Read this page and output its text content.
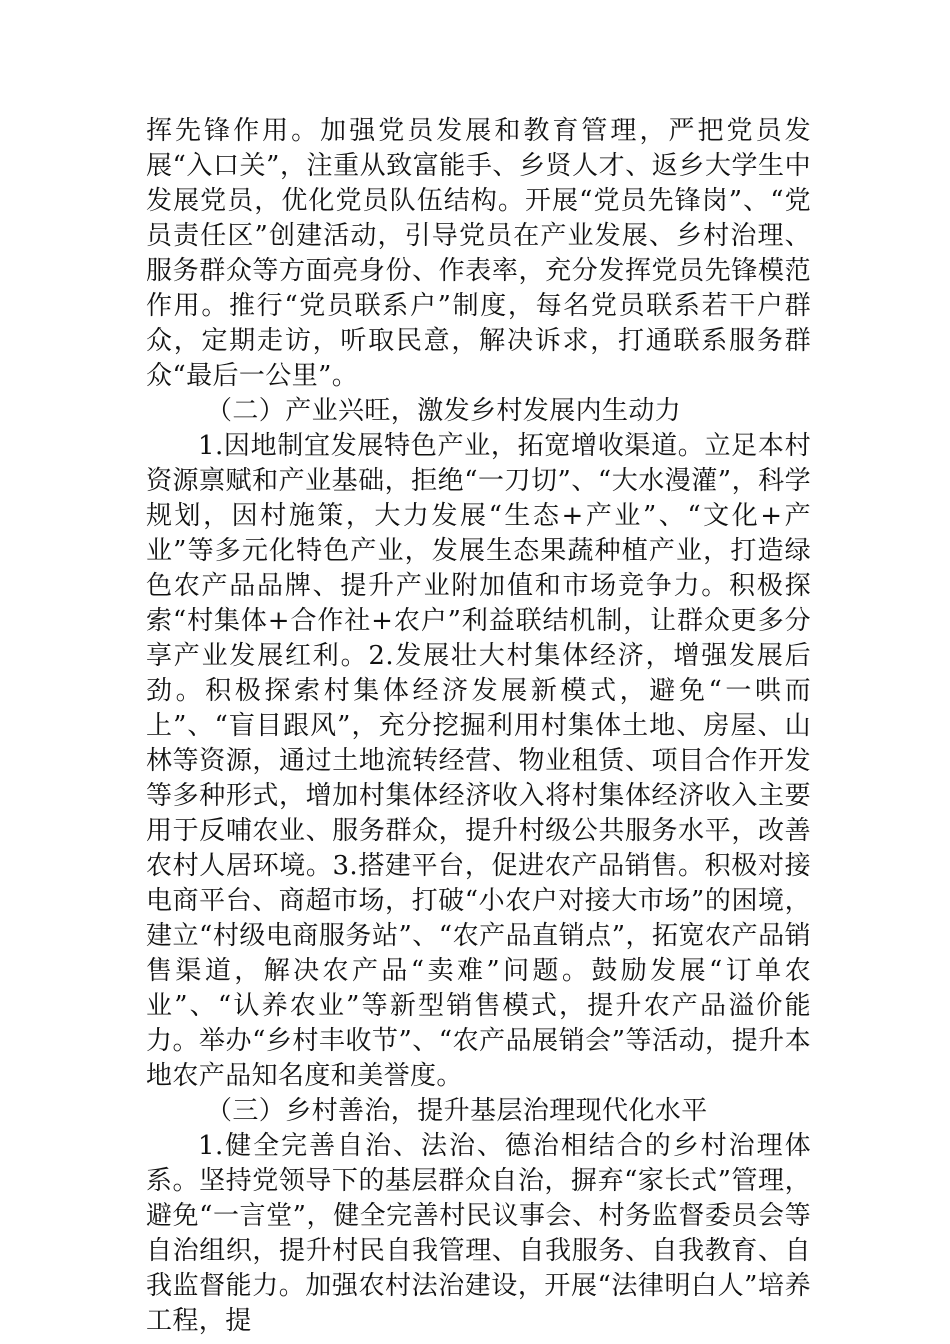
挥先锋作用。加强党员发展和教育管理，严把党员发展“入口关”，注重从致富能手、乡贤人才、返乡大学生中发展党员，优化党员队伍结构。开展“党员先锋岗”、“党员责任区”创建活动，引导党员在产业发展、乡村治理、服务群众等方面亮身份、作表率，充分发挥党员先锋模范作用。推行“党员联系户”制度，每名党员联系若干户群众，定期走访，听取民意，解决诉求，打通联系服务群众“最后一公里”。

（二）产业兴旺，激发乡村发展内生动力

1.因地制宜发展特色产业，拓宽增收渠道。立足本村资源禀赋和产业基础，拒绝“一刀切”、“大水漫灌”，科学规划，因村施策，大力发展“生态+产业”、“文化+产业”等多元化特色产业，发展生态果蔬种植产业，打造绿色农产品品牌、提升产业附加值和市场竞争力。积极探索“村集体+合作社+农户”利益联结机制，让群众更多分享产业发展红利。2.发展壮大村集体经济，增强发展后劲。积极探索村集体经济发展新模式，避免“一哄而上”、“盲目跟风”，充分挖掘利用村集体土地、房屋、山林等资源，通过土地流转经营、物业租赁、项目合作开发等多种形式，增加村集体经济收入将村集体经济收入主要用于反哺农业、服务群众，提升村级公共服务水平，改善农村人居环境。3.搭建平台，促进农产品销售。积极对接电商平台、商超市场，打破“小农户对接大市场”的困境，建立“村级电商服务站”、“农产品直销点”，拓宽农产品销售渠道，解决农产品“卖难”问题。鼓励发展“订单农业”、“认养农业”等新型销售模式，提升农产品溢价能力。举办“乡村丰收节”、“农产品展销会”等活动，提升本地农产品知名度和美誉度。

（三）乡村善治，提升基层治理现代化水平

1.健全完善自治、法治、德治相结合的乡村治理体系。坚持党领导下的基层群众自治，摒弃“家长式”管理，避免“一言堂”，健全完善村民议事会、村务监督委员会等自治组织，提升村民自我管理、自我服务、自我教育、自我监督能力。加强农村法治建设，开展“法律明白人”培养工程，提
